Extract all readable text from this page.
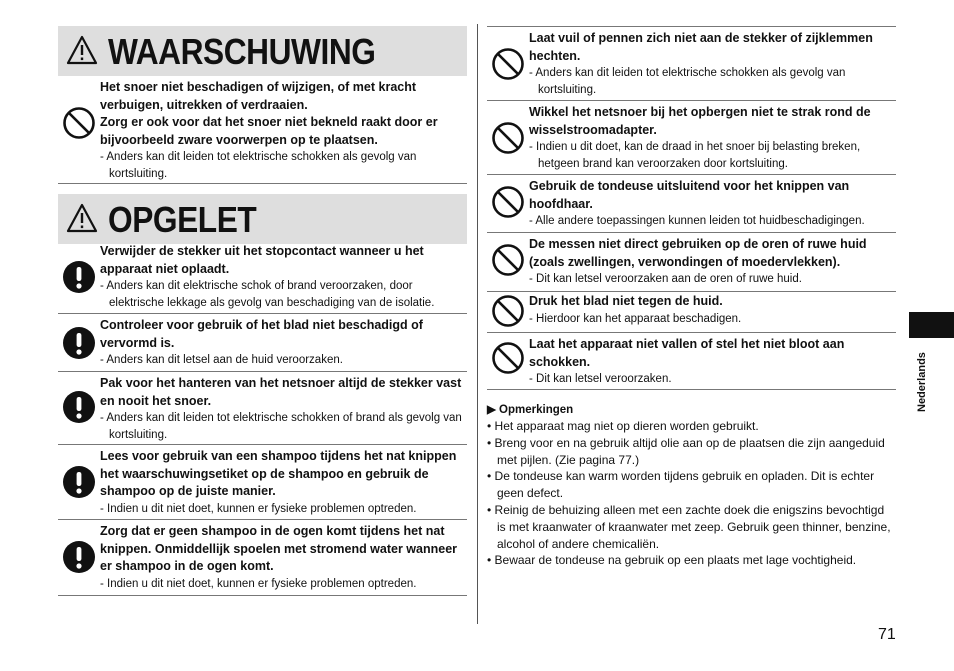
WAARSCHUWING
Het snoer niet beschadigen of wijzigen, of met kracht verbuigen, uitrekken of verdraaien.
Zorg er ook voor dat het snoer niet bekneld raakt door er bijvoorbeeld zware voorwerpen op te plaatsen.
- Anders kan dit leiden tot elektrische schokken als gevolg van kortsluiting.
OPGELET
Verwijder de stekker uit het stopcontact wanneer u het apparaat niet oplaadt.
- Anders kan dit elektrische schok of brand veroorzaken, door elektrische lekkage als gevolg van beschadiging van de isolatie.
Controleer voor gebruik of het blad niet beschadigd of vervormd is.
- Anders kan dit letsel aan de huid veroorzaken.
Pak voor het hanteren van het netsnoer altijd de stekker vast en nooit het snoer.
- Anders kan dit leiden tot elektrische schokken of brand als gevolg van kortsluiting.
Lees voor gebruik van een shampoo tijdens het nat knippen het waarschuwingsetiket op de shampoo en gebruik de shampoo op de juiste manier.
- Indien u dit niet doet, kunnen er fysieke problemen optreden.
Zorg dat er geen shampoo in de ogen komt tijdens het nat knippen. Onmiddellijk spoelen met stromend water wanneer er shampoo in de ogen komt.
- Indien u dit niet doet, kunnen er fysieke problemen optreden.
Laat vuil of pennen zich niet aan de stekker of zijklemmen hechten.
- Anders kan dit leiden tot elektrische schokken als gevolg van kortsluiting.
Wikkel het netsnoer bij het opbergen niet te strak rond de wisselstroomadapter.
- Indien u dit doet, kan de draad in het snoer bij belasting breken, hetgeen brand kan veroorzaken door kortsluiting.
Gebruik de tondeuse uitsluitend voor het knippen van hoofdhaar.
- Alle andere toepassingen kunnen leiden tot huidbeschadigingen.
De messen niet direct gebruiken op de oren of ruwe huid (zoals zwellingen, verwondingen of moedervlekken).
- Dit kan letsel veroorzaken aan de oren of ruwe huid.
Druk het blad niet tegen de huid.
- Hierdoor kan het apparaat beschadigen.
Laat het apparaat niet vallen of stel het niet bloot aan schokken.
- Dit kan letsel veroorzaken.
▶ Opmerkingen
• Het apparaat mag niet op dieren worden gebruikt.
• Breng voor en na gebruik altijd olie aan op de plaatsen die zijn aangeduid met pijlen. (Zie pagina 77.)
• De tondeuse kan warm worden tijdens gebruik en opladen. Dit is echter geen defect.
• Reinig de behuizing alleen met een zachte doek die enigszins bevochtigd is met kraanwater of kraanwater met zeep. Gebruik geen thinner, benzine, alcohol of andere chemicaliën.
• Bewaar de tondeuse na gebruik op een plaats met lage vochtigheid.
Nederlands
71
